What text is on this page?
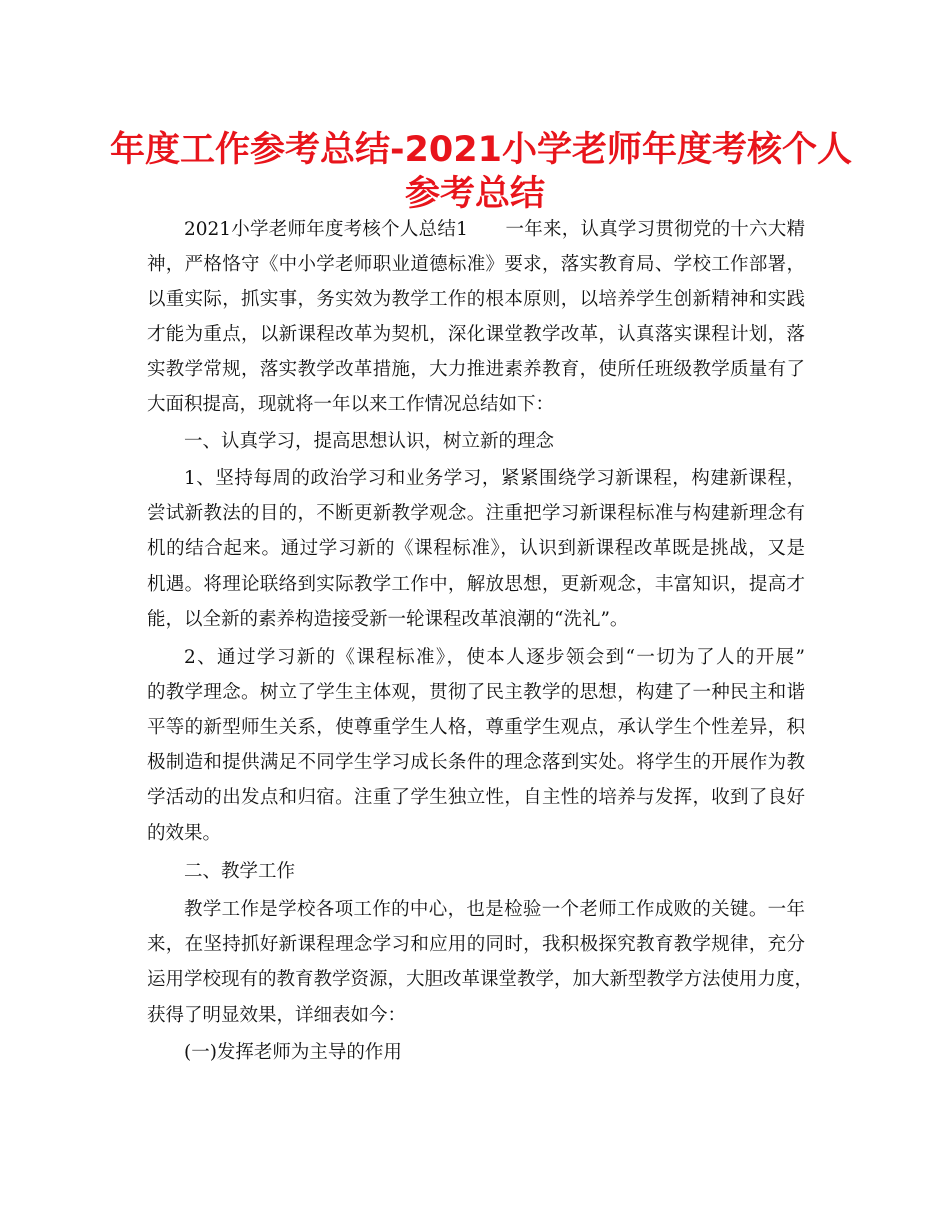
年度工作参考总结-2021小学老师年度考核个人
参考总结

2021小学老师年度考核个人总结1　　一年来，认真学习贯彻党的十六大精

神，严格恪守《中小学老师职业道德标准》要求，落实教育局、学校工作部署，

以重实际，抓实事，务实效为教学工作的根本原则，以培养学生创新精神和实践

才能为重点，以新课程改革为契机，深化课堂教学改革，认真落实课程计划，落

实教学常规，落实教学改革措施，大力推进素养教育，使所任班级教学质量有了

大面积提高，现就将一年以来工作情况总结如下：

一、认真学习，提高思想认识，树立新的理念

1、坚持每周的政治学习和业务学习，紧紧围绕学习新课程，构建新课程，

尝试新教法的目的，不断更新教学观念。注重把学习新课程标准与构建新理念有

机的结合起来。通过学习新的《课程标准》，认识到新课程改革既是挑战，又是

机遇。将理论联络到实际教学工作中，解放思想，更新观念，丰富知识，提高才

能，以全新的素养构造接受新一轮课程改革浪潮的“洗礼”。

2、通过学习新的《课程标准》，使本人逐步领会到“一切为了人的开展”

的教学理念。树立了学生主体观，贯彻了民主教学的思想，构建了一种民主和谐

平等的新型师生关系，使尊重学生人格，尊重学生观点，承认学生个性差异，积

极制造和提供满足不同学生学习成长条件的理念落到实处。将学生的开展作为教

学活动的出发点和归宿。注重了学生独立性，自主性的培养与发挥，收到了良好

的效果。

二、教学工作

教学工作是学校各项工作的中心，也是检验一个老师工作成败的关键。一年

来，在坚持抓好新课程理念学习和应用的同时，我积极探究教育教学规律，充分

运用学校现有的教育教学资源，大胆改革课堂教学，加大新型教学方法使用力度，

获得了明显效果，详细表如今：

(一)发挥老师为主导的作用
